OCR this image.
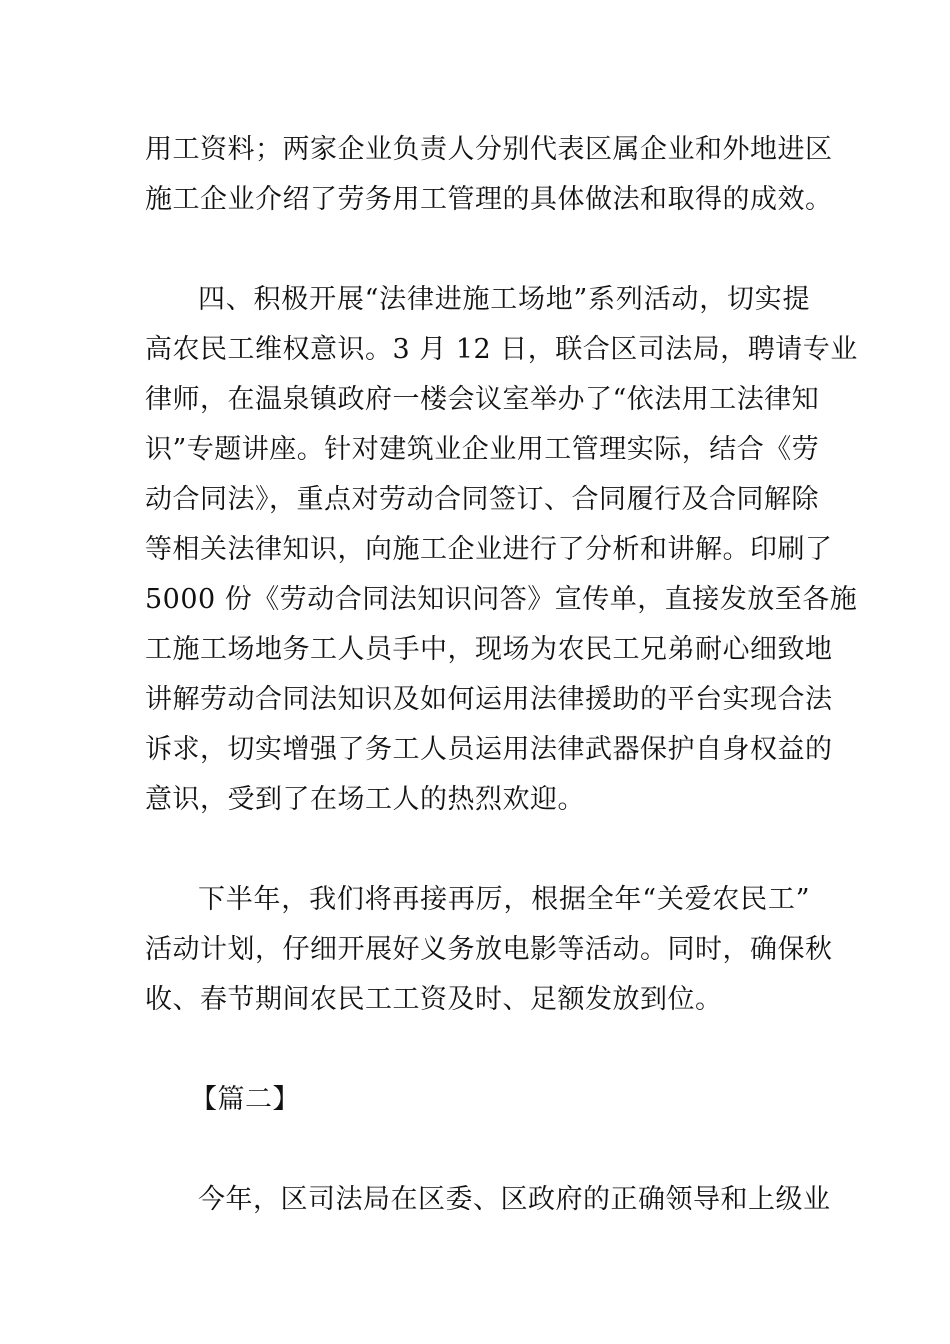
用工资料；两家企业负责人分别代表区属企业和外地进区
施工企业介绍了劳务用工管理的具体做法和取得的成效。
四、积极开展“法律进施工场地”系列活动，切实提
高农民工维权意识。3 月 12 日，联合区司法局，聘请专业
律师，在温泉镇政府一楼会议室举办了“依法用工法律知
识”专题讲座。针对建筑业企业用工管理实际，结合《劳
动合同法》，重点对劳动合同签订、合同履行及合同解除
等相关法律知识，向施工企业进行了分析和讲解。印刷了
5000 份《劳动合同法知识问答》宣传单，直接发放至各施
工施工场地务工人员手中，现场为农民工兄弟耐心细致地
讲解劳动合同法知识及如何运用法律援助的平台实现合法
诉求，切实增强了务工人员运用法律武器保护自身权益的
意识，受到了在场工人的热烈欢迎。
下半年，我们将再接再厉，根据全年“关爱农民工”
活动计划，仔细开展好义务放电影等活动。同时，确保秋
收、春节期间农民工工资及时、足额发放到位。
【篇二】
今年，区司法局在区委、区政府的正确领导和上级业
